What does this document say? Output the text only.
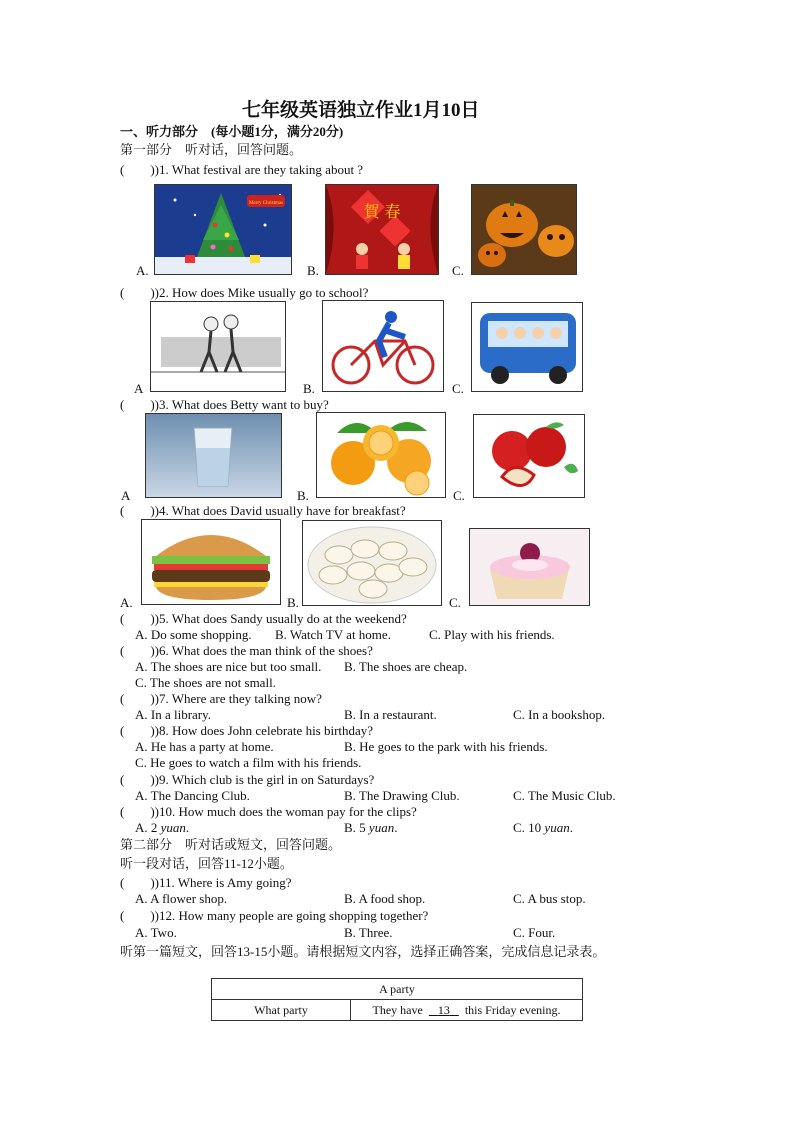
七年级英语独立作业1月10日
一、听力部分 (每小题1分，满分20分)
第一部分　听对话，回答问题。
(　　))1. What festival are they taking about ?
Merry Christmas
A.
賀 春
B.	C.
(　　))2. How does Mike usually go to school?
A	B.	C.
(　　))3. What does Betty want to buy?
A	B.	C.
(　　))4. What does David usually have for breakfast?
A.	B.	C.
(　　))5. What does Sandy usually do at the weekend?
A. Do some shopping. B. Watch TV at home.	C. Play with his friends.
(　　))6. What does the man think of the shoes?
A. The shoes are nice but too small. B. The shoes are cheap.
C. The shoes are not small.
(　　))7. Where are they talking now?
A. In a library.	B. In a restaurant.	C. In a bookshop.
(　　))8. How does John celebrate his birthday?
A. He has a party at home.	B. He goes to the park with his friends.
C. He goes to watch a film with his friends.
(　　))9. Which club is the girl in on Saturdays?
A. The Dancing Club.	B. The Drawing Club.	C. The Music Club.
(　　))10. How much does the woman pay for the clips?
A. 2 yuan.	B. 5 yuan.	C. 10 yuan.
第二部分　听对话或短文，回答问题。
听一段对话，回答11-12小题。
(　　))11. Where is Amy going?
A. A flower shop.	B. A food shop.	C. A bus stop.
(　　))12. How many people are going shopping together?
A. Two.	B. Three.	C. Four.
听第一篇短文，回答13-15小题。请根据短文内容，选择正确答案，完成信息记录表。
A party
What party	They have 13 this Friday evening.
